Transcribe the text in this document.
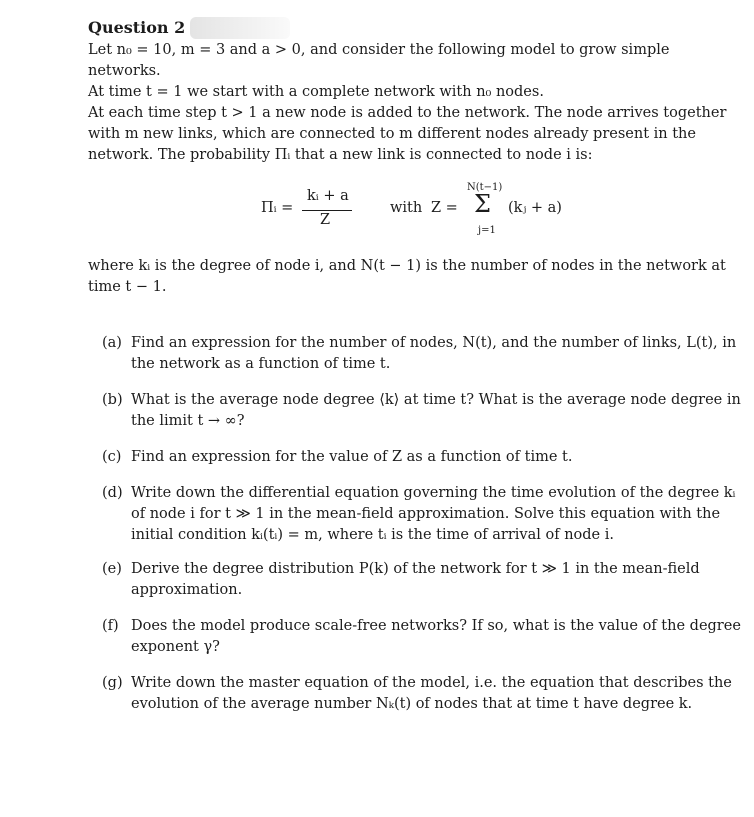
Question 2

Let n₀ = 10, m = 3 and a > 0, and consider the following model to grow simple networks.

At time t = 1 we start with a complete network with n₀ nodes.

At each time step t > 1 a new node is added to the network. The node arrives together with m new links, which are connected to m different nodes already present in the network. The probability Πᵢ that a new link is connected to node i is:

Πᵢ =
kᵢ + a
Z
with Z =
N(t−1)
Σ
j=1
(kⱼ + a)

where kᵢ is the degree of node i, and N(t − 1) is the number of nodes in the network at time t − 1.

(a) Find an expression for the number of nodes, N(t), and the number of links, L(t), in the network as a function of time t.
(b) What is the average node degree ⟨k⟩ at time t? What is the average node degree in the limit t → ∞?
(c) Find an expression for the value of Z as a function of time t.
(d) Write down the differential equation governing the time evolution of the degree kᵢ of node i for t ≫ 1 in the mean-field approximation. Solve this equation with the initial condition kᵢ(tᵢ) = m, where tᵢ is the time of arrival of node i.
(e) Derive the degree distribution P(k) of the network for t ≫ 1 in the mean-field approximation.
(f) Does the model produce scale-free networks? If so, what is the value of the degree exponent γ?
(g) Write down the master equation of the model, i.e. the equation that describes the evolution of the average number Nₖ(t) of nodes that at time t have degree k.
